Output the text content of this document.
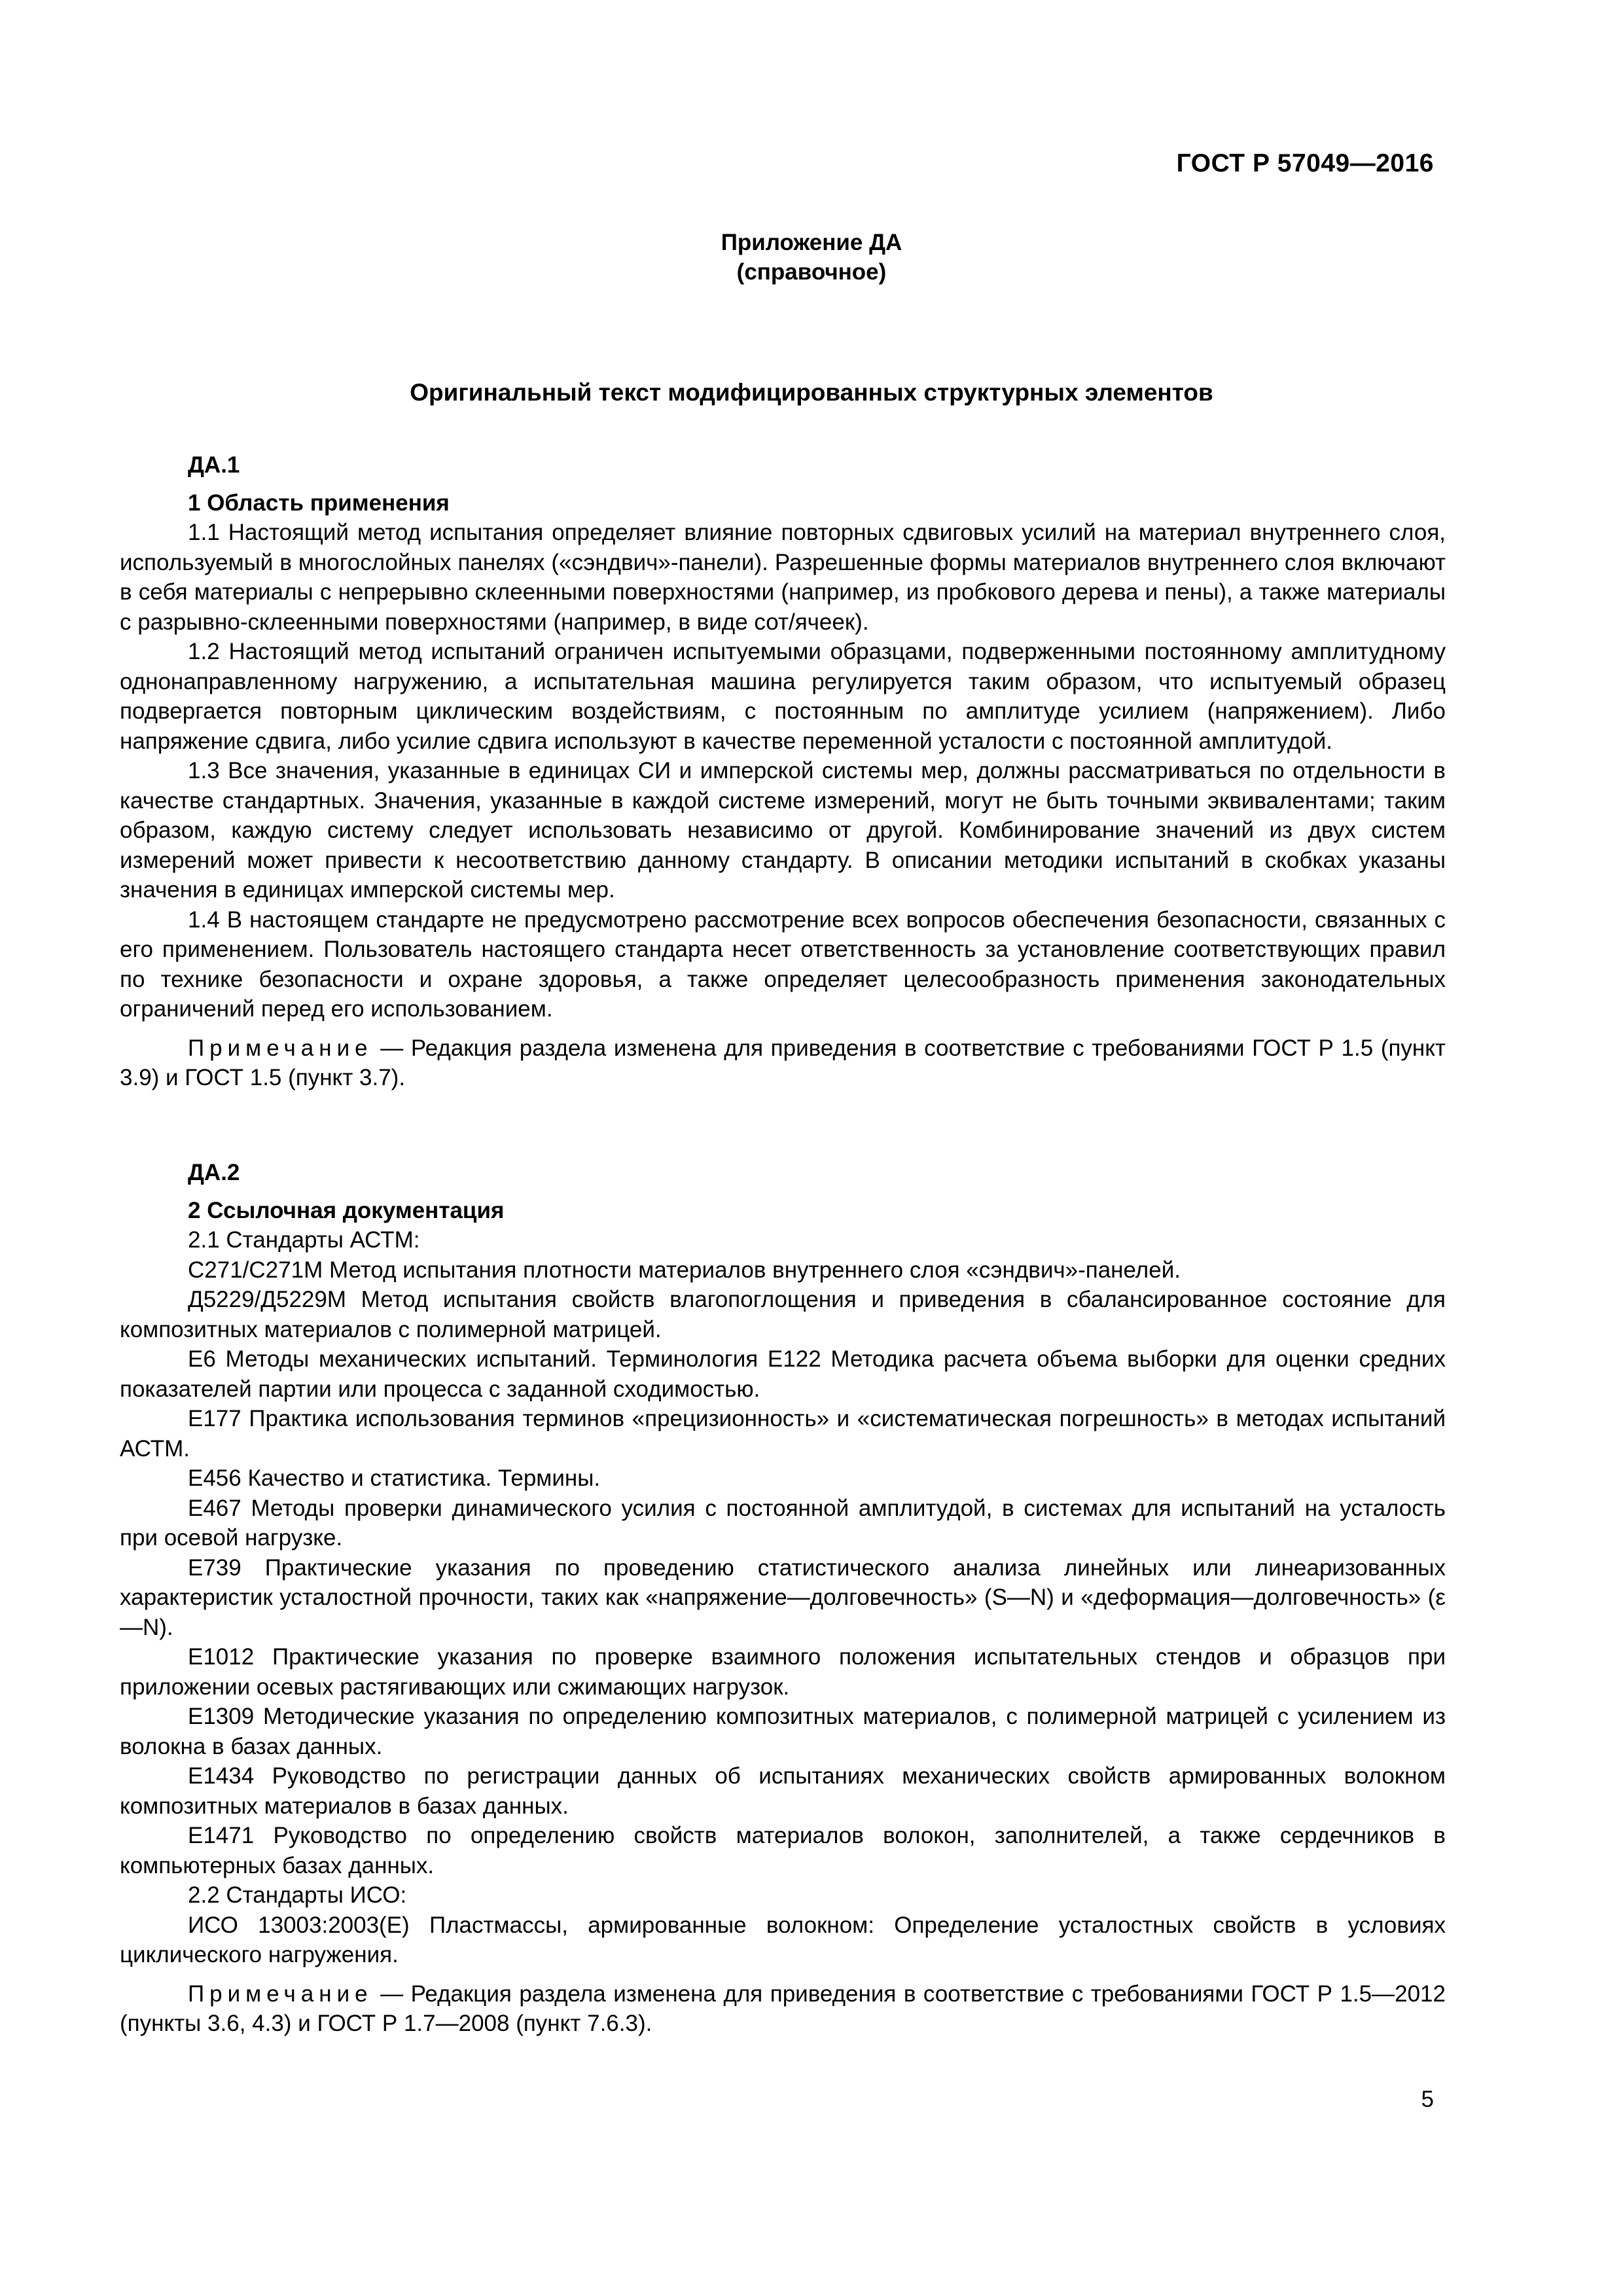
ГОСТ Р 57049—2016
Приложение ДА
(справочное)
Оригинальный текст модифицированных структурных элементов

ДА.1

1 Область применения

1.1 Настоящий метод испытания определяет влияние повторных сдвиговых усилий на материал внутреннего слоя, используемый в многослойных панелях («сэндвич»-панели). Разрешенные формы материалов внутреннего слоя включают в себя материалы с непрерывно склеенными поверхностями (например, из пробкового дерева и пены), а также материалы с разрывно-склеенными поверхностями (например, в виде сот/ячеек).

1.2 Настоящий метод испытаний ограничен испытуемыми образцами, подверженными постоянному амплитудному однонаправленному нагружению, а испытательная машина регулируется таким образом, что испытуемый образец подвергается повторным циклическим воздействиям, с постоянным по амплитуде усилием (напряжением). Либо напряжение сдвига, либо усилие сдвига используют в качестве переменной усталости с постоянной амплитудой.

1.3 Все значения, указанные в единицах СИ и имперской системы мер, должны рассматриваться по отдельности в качестве стандартных. Значения, указанные в каждой системе измерений, могут не быть точными эквивалентами; таким образом, каждую систему следует использовать независимо от другой. Комбинирование значений из двух систем измерений может привести к несоответствию данному стандарту. В описании методики испытаний в скобках указаны значения в единицах имперской системы мер.

1.4 В настоящем стандарте не предусмотрено рассмотрение всех вопросов обеспечения безопасности, связанных с его применением. Пользователь настоящего стандарта несет ответственность за установление соответствующих правил по технике безопасности и охране здоровья, а также определяет целесообразность применения законодательных ограничений перед его использованием.

Примечание — Редакция раздела изменена для приведения в соответствие с требованиями ГОСТ Р 1.5 (пункт 3.9) и ГОСТ 1.5 (пункт 3.7).

ДА.2

2 Ссылочная документация

2.1 Стандарты АСТМ:

С271/С271М Метод испытания плотности материалов внутреннего слоя «сэндвич»-панелей.

Д5229/Д5229М Метод испытания свойств влагопоглощения и приведения в сбалансированное состояние для композитных материалов с полимерной матрицей.

Е6 Методы механических испытаний. Терминология Е122 Методика расчета объема выборки для оценки средних показателей партии или процесса с заданной сходимостью.

Е177 Практика использования терминов «прецизионность» и «систематическая погрешность» в методах испытаний АСТМ.

Е456 Качество и статистика. Термины.

Е467 Методы проверки динамического усилия с постоянной амплитудой, в системах для испытаний на усталость при осевой нагрузке.

Е739 Практические указания по проведению статистического анализа линейных или линеаризованных характеристик усталостной прочности, таких как «напряжение—долговечность» (S—N) и «деформация—долговечность» (ε—N).

Е1012 Практические указания по проверке взаимного положения испытательных стендов и образцов при приложении осевых растягивающих или сжимающих нагрузок.

Е1309 Методические указания по определению композитных материалов, с полимерной матрицей с усилением из волокна в базах данных.

Е1434 Руководство по регистрации данных об испытаниях механических свойств армированных волокном композитных материалов в базах данных.

Е1471 Руководство по определению свойств материалов волокон, заполнителей, а также сердечников в компьютерных базах данных.

2.2 Стандарты ИСО:

ИСО 13003:2003(Е) Пластмассы, армированные волокном: Определение усталостных свойств в условиях циклического нагружения.

Примечание — Редакция раздела изменена для приведения в соответствие с требованиями ГОСТ Р 1.5—2012 (пункты 3.6, 4.3) и ГОСТ Р 1.7—2008 (пункт 7.6.3).

5
